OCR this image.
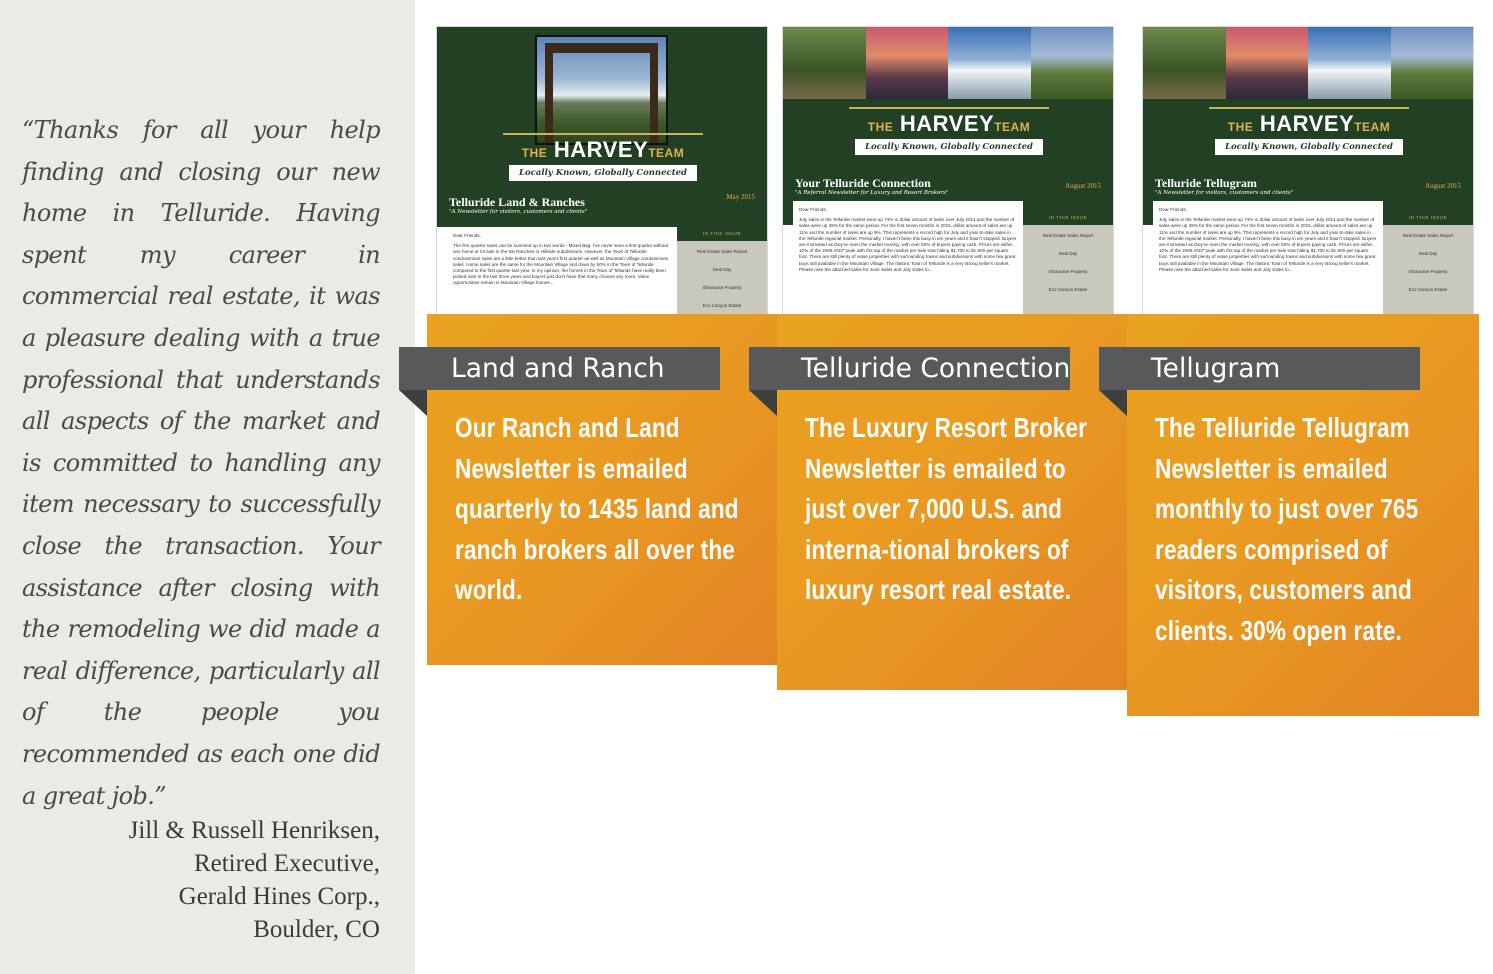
“Thanks for all your help finding and closing our new home in Telluride. Having spent my career in commercial real estate, it was a pleasure dealing with a true professional that understands all aspects of the market and is committed to handling any item necessary to successfully close the transaction. Your assistance after closing with the remodeling we did made a real difference, particularly all of the people you recommended as each one did a great job.”

Jill & Russell Henriksen,
Retired Executive,
Gerald Hines Corp.,
Boulder, CO
THE HARVEYTEAM
Locally Known, Globally Connected
Telluride Land & Ranches
"A Newsletter for visitors, customers and clients"
May 2015
Dear Friends,
The first quarter sales can be summed up in two words - Mixed Bag. I've never seen a first quarter without one home or lot sale in the Ski Ranches or Hillside subdivisions. However, the Town of Telluride condominium sales are a little better than last year's first quarter as well as Mountain Village condominium sales. Home sales are the same for the Mountain Village and down by 50% in the Town of Telluride compared to the first quarter last year. In my opinion, the homes in the Town of Telluride have really been picked over in the last three years and buyers just don't have that many choices any more. Value opportunities remain in Mountain Village homes...
IN THIS ISSUE
Real Estate Sales Report
Deal Day
Showcase Property
Eco Canyon Estate
THE HARVEYTEAM
Locally Known, Globally Connected
Your Telluride Connection
"A Referral Newsletter for Luxury and Resort Brokers"
August 2015
Dear Friends,
July sales in the Telluride market were up 74% in dollar amount of sales over July 2014 and the number of sales were up 29% for the same period. For the first seven months in 2015, dollar amount of sales are up 11% and the number of sales are up 9%. This represents a record high for July and year-to-date sales in the Telluride regional market. Personally, I haven't been this busy in ten years and it hasn't stopped. Buyers are motivated as they've seen the market moving, with over 50% of buyers paying cash. Prices are within 10% of the 2006-2007 peak with the top of the market pre-sale now hitting $1,700 to $1,800 per square foot. There are still plenty of value properties with surrounding towns and subdivisions with some few great buys still available in the Mountain Village. The historic Town of Telluride is a very strong seller's market. Please note the attached sales for June Sales and July Sales to...
IN THIS ISSUE
Real Estate Sales Report
Deal Day
Showcase Property
Eco Canyon Estate
THE HARVEYTEAM
Locally Known, Globally Connected
Telluride Tellugram
"A Newsletter for visitors, customers and clients"
August 2015
Dear Friends,
July sales in the Telluride market were up 74% in dollar amount of sales over July 2014 and the number of sales were up 29% for the same period. For the first seven months in 2015, dollar amount of sales are up 11% and the number of sales are up 9%. This represents a record high for July and year-to-date sales in the Telluride regional market. Personally, I haven't been this busy in ten years and it hasn't stopped. Buyers are motivated as they've seen the market moving, with over 50% of buyers paying cash. Prices are within 10% of the 2006-2007 peak with the top of the market pre-sale now hitting $1,700 to $1,800 per square foot. There are still plenty of value properties with surrounding towns and subdivisions with some few great buys still available in the Mountain Village. The historic Town of Telluride is a very strong seller's market. Please note the attached sales for June Sales and July Sales to...
IN THIS ISSUE
Real Estate Sales Report
Deal Day
Showcase Property
Eco Canyon Estate
Land and Ranch	Telluride Connection	Tellugram

Our Ranch and Land Newsletter is emailed quarterly to 1435 land and ranch brokers all over the world.

The Luxury Resort Broker Newsletter is emailed to just over 7,000 U.S. and interna-tional brokers of luxury resort real estate.

The Telluride Tellugram Newsletter is emailed monthly to just over 765 readers comprised of visitors, customers and clients. 30% open rate.
